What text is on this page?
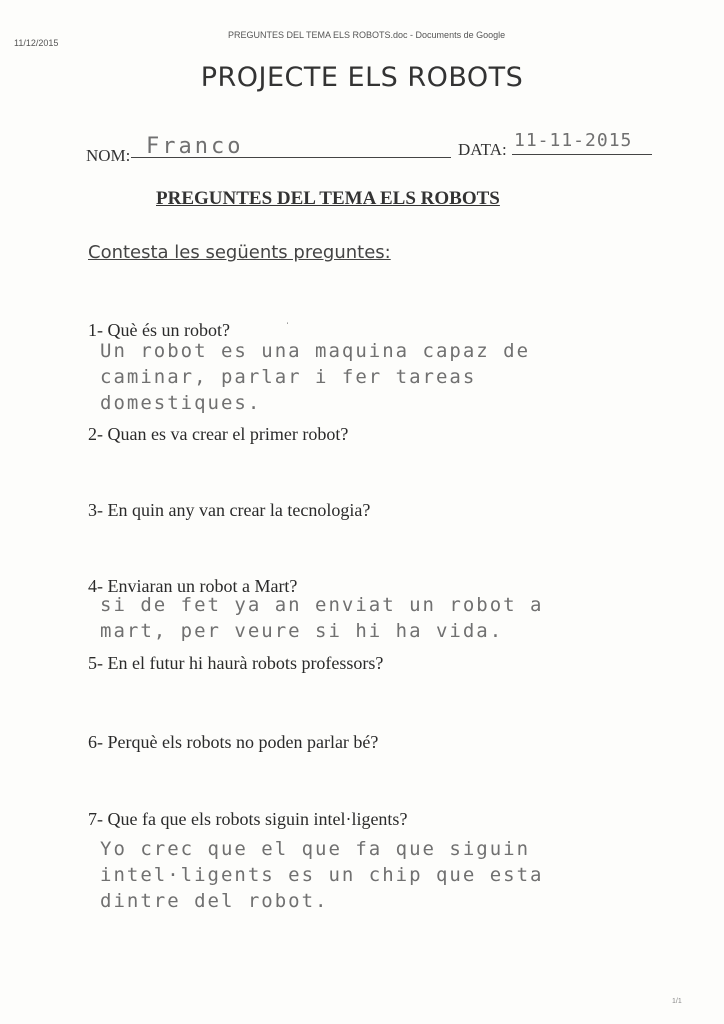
11/12/2015
PREGUNTES DEL TEMA ELS ROBOTS.doc - Documents de Google
PROJECTE ELS ROBOTS
NOM: Franco	DATA: 11-11-2015
PREGUNTES DEL TEMA ELS ROBOTS
Contesta les següents preguntes:
ˈ
1- Què és un robot?
Un robot es una maquina capaz de
caminar, parlar i fer tareas
domestiques.
2- Quan es va crear el primer robot?
3- En quin any van crear la tecnologia?
4- Enviaran un robot a Mart?
si de fet ya an enviat un robot a
mart, per veure si hi ha vida.
5- En el futur hi haurà robots professors?
6- Perquè els robots no poden parlar bé?
7- Que fa que els robots siguin intel·ligents?
Yo crec que el que fa que siguin
intel·ligents es un chip que esta
dintre del robot.
1/1
